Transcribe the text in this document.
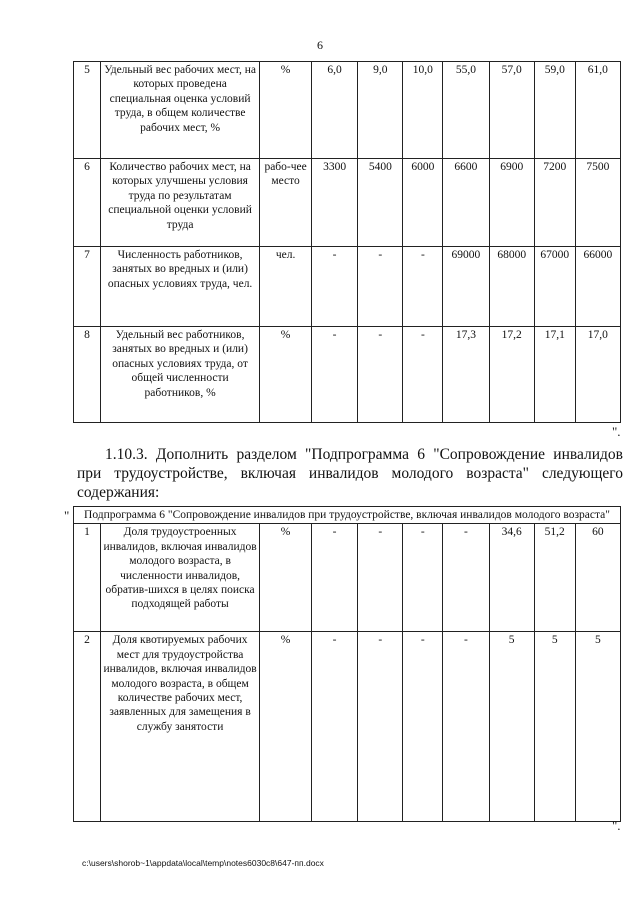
6
5	Удельный вес рабочих мест, на которых проведена специальная оценка условий труда, в общем количестве рабочих мест, %	%	6,0	9,0	10,0	55,0	57,0	59,0	61,0
6	Количество рабочих мест, на которых улучшены условия труда по результатам специальной оценки условий труда	рабо-чее место	3300	5400	6000	6600	6900	7200	7500
7	Численность работников, занятых во вредных и (или) опасных условиях труда, чел.	чел.	-	-	-	69000	68000	67000	66000
8	Удельный вес работников, занятых во вредных и (или) опасных условиях труда, от общей численности работников, %	%	-	-	-	17,3	17,2	17,1	17,0
".
1.10.3. Дополнить разделом "Подпрограмма 6 "Сопровождение инвалидов при трудоустройстве, включая инвалидов молодого возраста" следующего содержания:
" Подпрограмма 6 "Сопровождение инвалидов при трудоустройстве, включая инвалидов молодого возраста"									
1	Доля трудоустроенных инвалидов, включая инвалидов молодого возраста, в численности инвалидов, обратив-шихся в целях поиска подходящей работы	%	-	-	-	-	34,6	51,2	60
2	Доля квотируемых рабочих мест для трудоустройства инвалидов, включая инвалидов молодого возраста, в общем количестве рабочих мест, заявленных для замещения в службу занятости	%	-	-	-	-	5	5	5
".
c:\users\shorob~1\appdata\local\temp\notes6030c8\647-пп.docx
